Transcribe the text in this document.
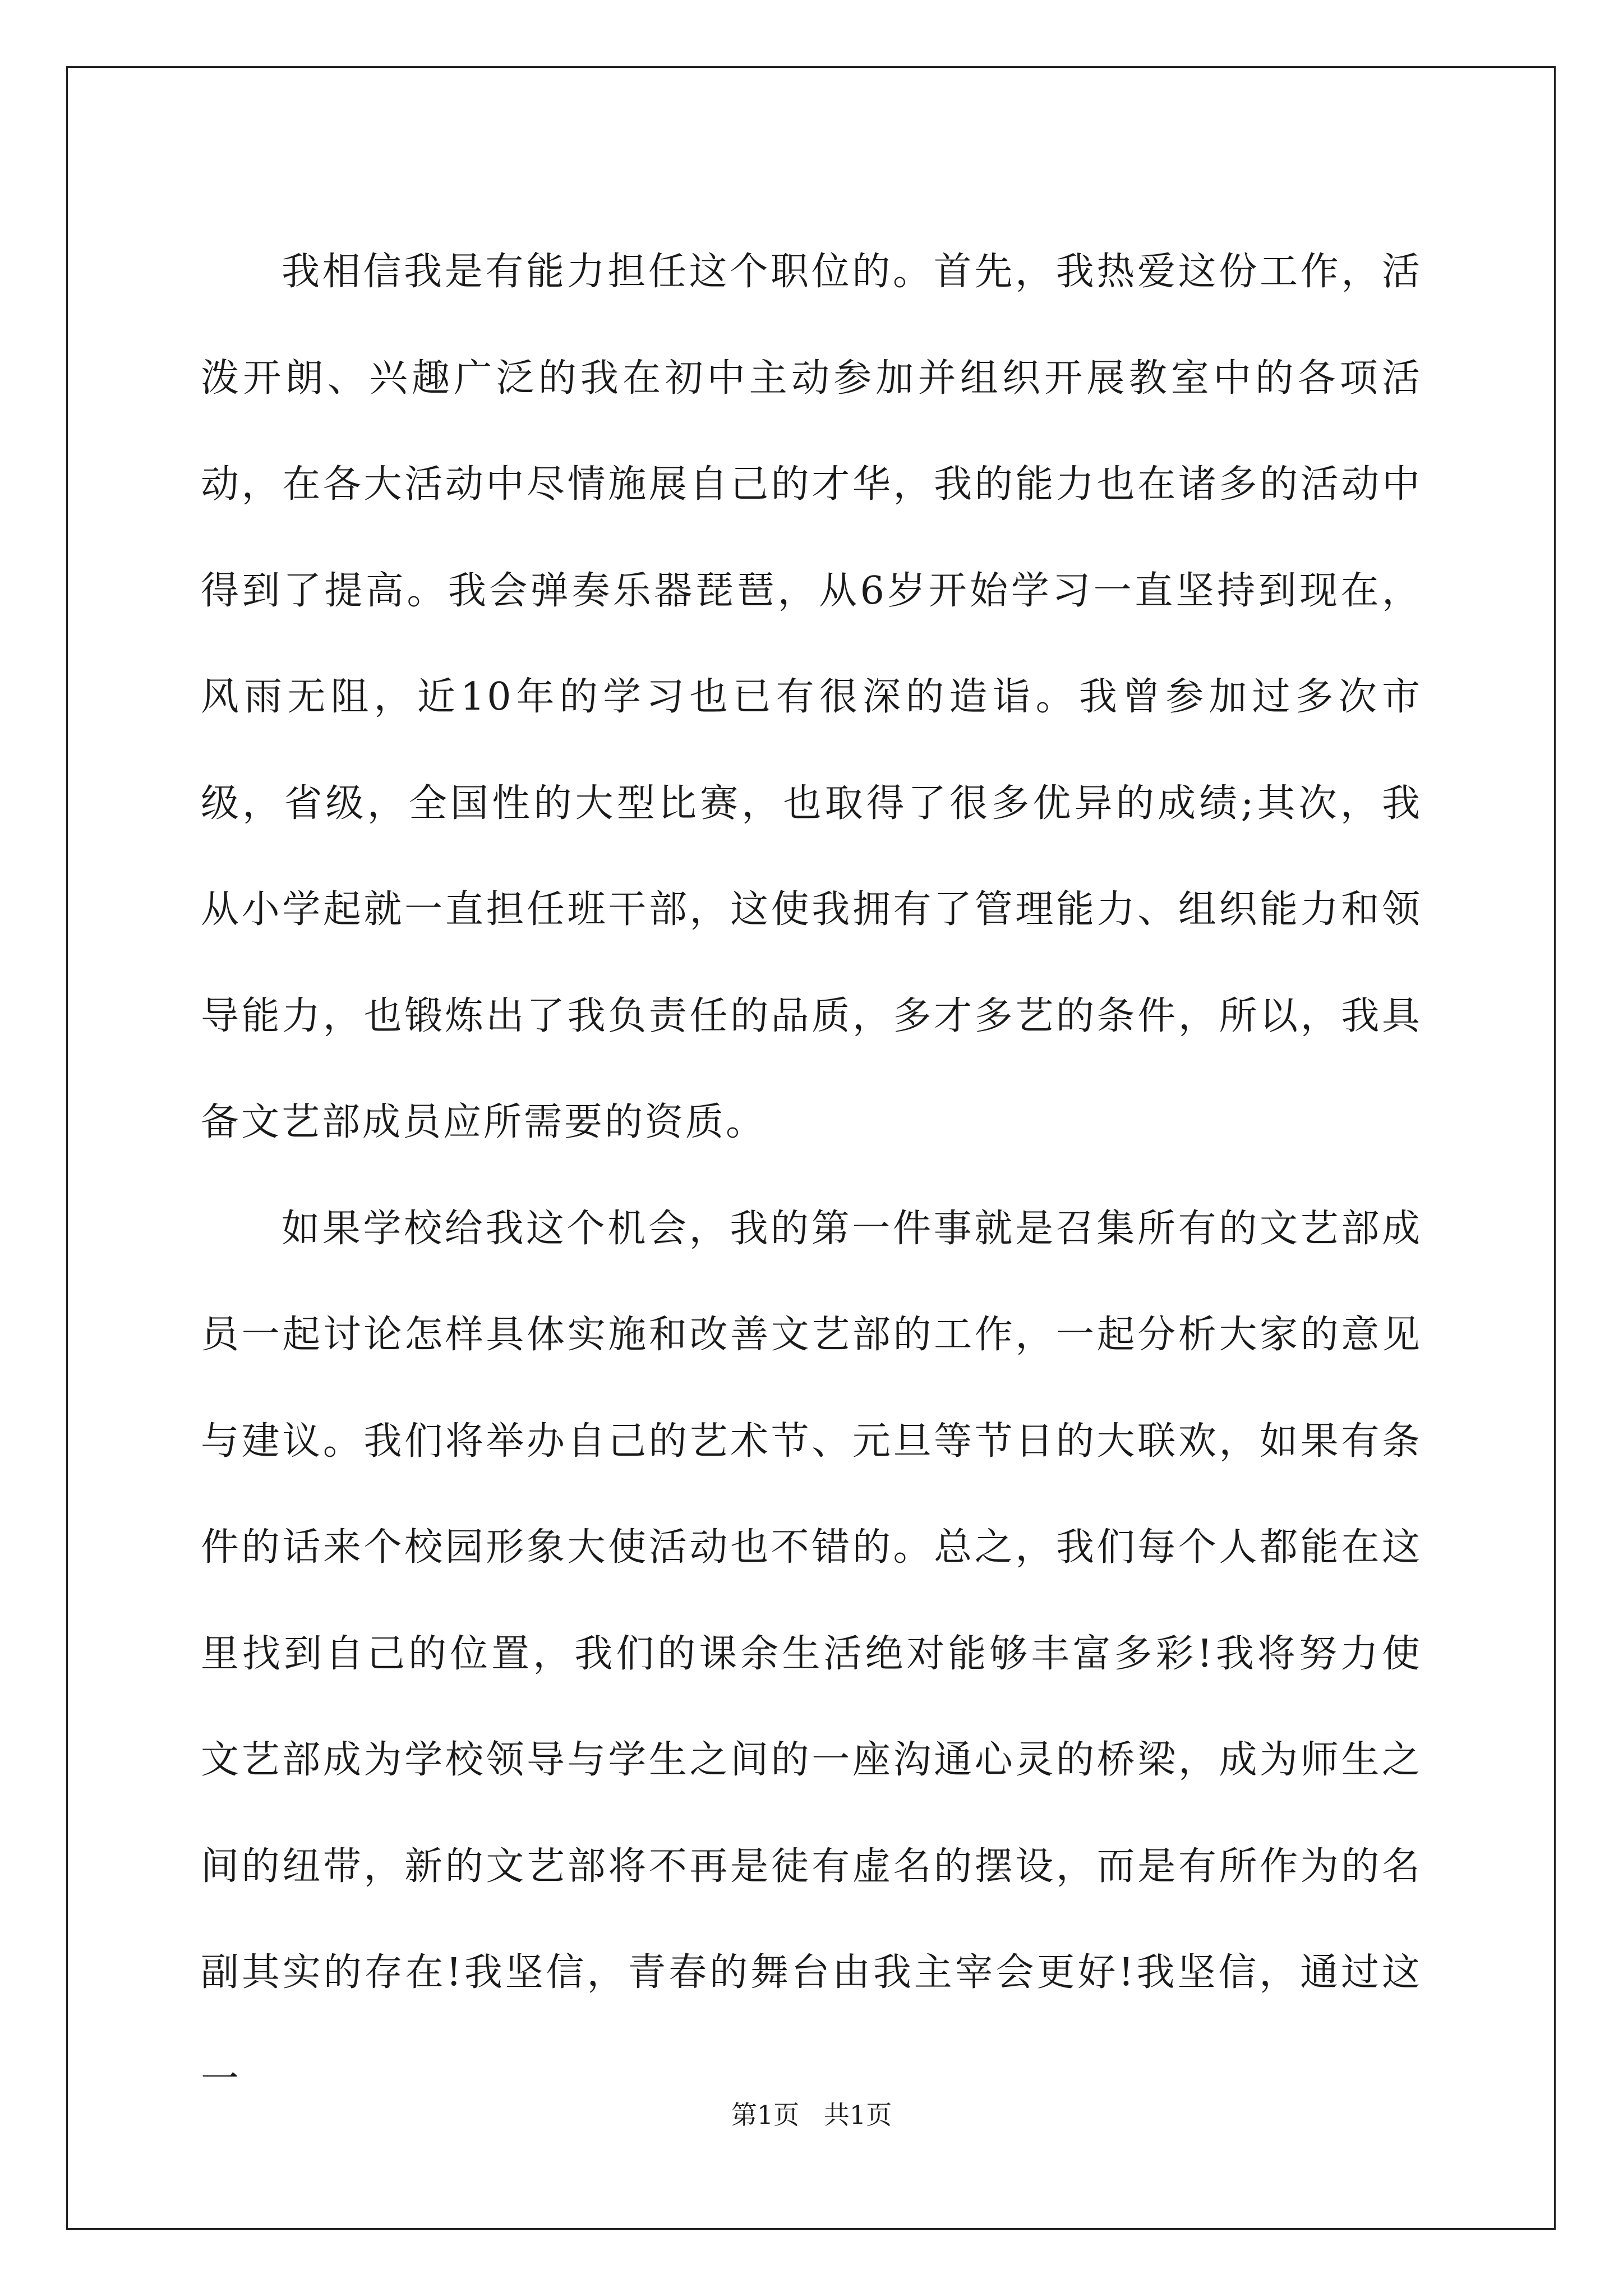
我相信我是有能力担任这个职位的。首先，我热爱这份工作，活泼开朗、兴趣广泛的我在初中主动参加并组织开展教室中的各项活动，在各大活动中尽情施展自己的才华，我的能力也在诸多的活动中得到了提高。我会弹奏乐器琵琶，从6岁开始学习一直坚持到现在，风雨无阻，近10年的学习也已有很深的造诣。我曾参加过多次市级，省级，全国性的大型比赛，也取得了很多优异的成绩;其次，我从小学起就一直担任班干部，这使我拥有了管理能力、组织能力和领导能力，也锻炼出了我负责任的品质，多才多艺的条件，所以，我具备文艺部成员应所需要的资质。

如果学校给我这个机会，我的第一件事就是召集所有的文艺部成员一起讨论怎样具体实施和改善文艺部的工作，一起分析大家的意见与建议。我们将举办自己的艺术节、元旦等节日的大联欢，如果有条件的话来个校园形象大使活动也不错的。总之，我们每个人都能在这里找到自己的位置，我们的课余生活绝对能够丰富多彩!我将努力使文艺部成为学校领导与学生之间的一座沟通心灵的桥梁，成为师生之间的纽带，新的文艺部将不再是徒有虚名的摆设，而是有所作为的名副其实的存在!我坚信，青春的舞台由我主宰会更好!我坚信，通过这一

第1页   共1页
